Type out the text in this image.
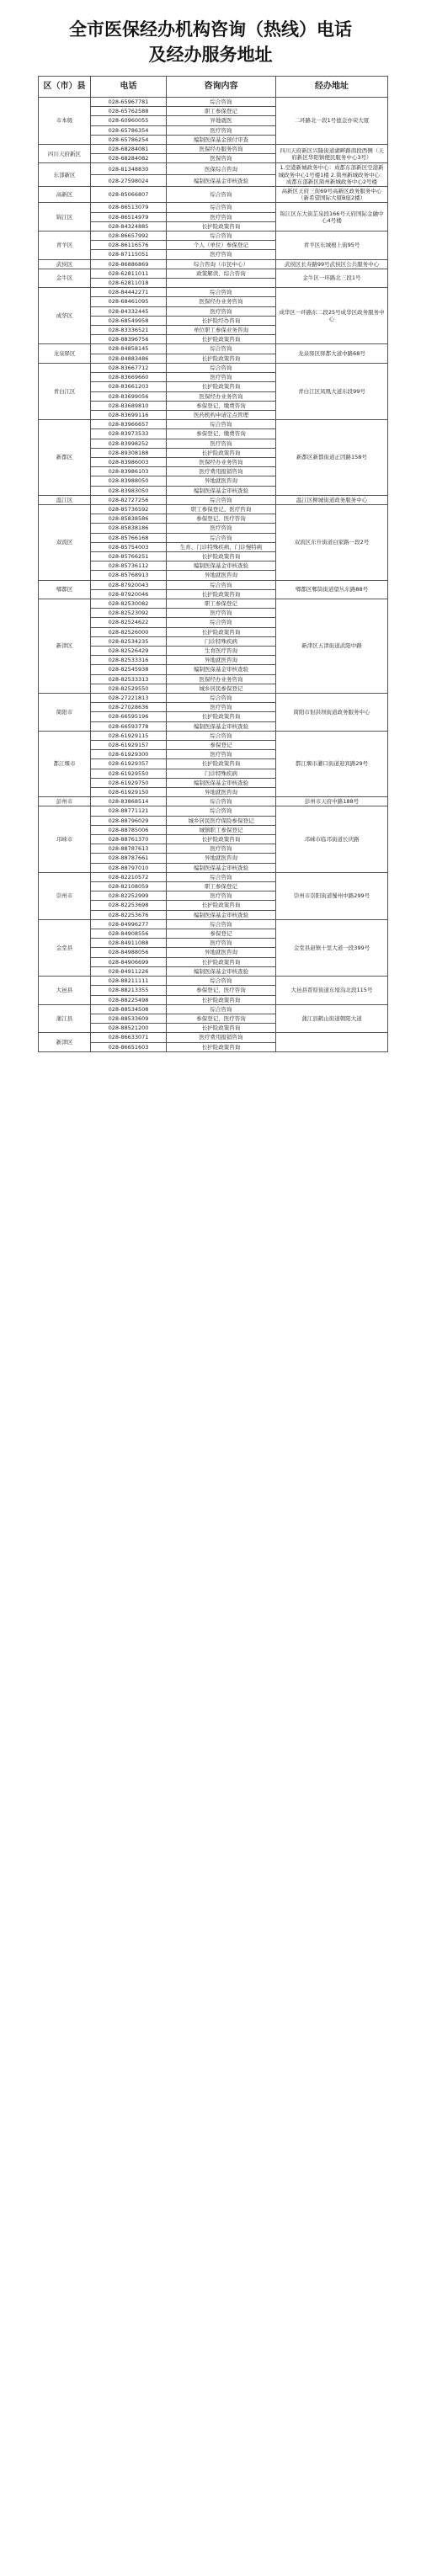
全市医保经办机构咨询（热线）电话
及经办服务地址
区（市）县	电话	咨询内容	经办地址
市本级	028-65967781	综合咨询	二环路北一段1号德金亦荣大厦
	028-65762588	职工参保登记	
	028-60960055	异地就医	
	028-65786354	医疗咨询	
	028-65786254	编制医保基金预付审查	
四川天府新区	028-68284081	医保经办服务咨询	四川天府新区兴隆街道湖畔路南段西侧（天府新区华阳镇便民服务中心3号）
	028-68284082	医保咨询	
东部新区	028-81348830	医保综合咨询	1.空港新城政务中心：成都东部新区空港新城政务中心1号楼1楼 2.简州新城政务中心：成都东部新区简州新城政务中心2号楼
	028-27598024	编制医保基金审核查验	
高新区	028-85066807	综合咨询	高新区天府三街69号高新区政务服务中心（新希望国际大厦B座2楼）
锦江区	028-86513079	综合咨询	锦江区东大街芷泉段166号天府国际金融中心4号楼
	028-86514979	医疗咨询	
	028-84324885	长护险政策咨询	
青羊区	028-86657992	综合咨询	青羊区东城根上街95号
	028-86116576	个人（单位）参保登记	
	028-87115051	医疗咨询	
武侯区	028-86886869	综合咨询（市民中心）	武侯区长寿路99号武侯区公共服务中心
金牛区	028-62811011	政策解读、综合咨询	金牛区一环路北三段1号
	028-62811018		
成华区	028-84442271	综合咨询	成华区一环路东二段25号成华区政务服务中心
	028-68461095	医保经办业务咨询	
	028-84332445	医疗咨询	
	028-68549958	长护险经办咨询	
	028-83336521	单位职工参保业务咨询	
	028-88396756	长护险政策咨询	
龙泉驿区	028-84858145	综合咨询	龙泉驿区驿都大道中路68号
	028-84883486	长护险政策咨询	
青白江区	028-83667712	综合咨询	青白江区凤凰大道东段99号
	028-83669660	医疗咨询	
	028-83661203	长护险政策咨询	
	028-83699056	医保经办业务咨询	
	028-83689810	参保登记、缴费咨询	
	028-83699116	医药机构申请定点管理	
新都区	028-83966657	综合咨询	新都区新都街道正因路158号
	028-83973533	参保登记、缴费咨询	
	028-83998252	医疗咨询	
	028-89308188	长护险政策咨询	
	028-83986003	医保经办业务咨询	
	028-83986103	医疗费用报销咨询	
	028-83988050	异地就医咨询	
	028-83983050	编制医保基金审核查验	
温江区	028-82727256	综合咨询	温江区柳城街道政务服务中心
双流区	028-85736592	职工参保登记、医疗咨询	双流区东升街道白家路一段2号
	028-85838586	参保登记、医疗咨询	
	028-85838186	医疗咨询	
	028-85766168	综合咨询	
	028-85754003	生育、门诊特殊疾病、门诊慢特病	
	028-85766251	长护险政策咨询	
	028-85736112	编制医保基金审核查验	
	028-85768913	异地就医咨询	
郫都区	028-87920043	综合咨询	郫都区郫筒街道望丛东路88号
	028-87920046	长护险政策咨询	
新津区	028-82530082	职工参保登记	新津区五津街道武阳中路
	028-82523092	医疗咨询	
	028-82524622	综合咨询	
	028-82526000	长护险政策咨询	
	028-82534235	门诊特殊疾病	
	028-82526429	生育医疗咨询	
	028-82533316	异地就医咨询	
	028-82545938	编制医保基金审核查验	
	028-82533313	医保经办业务咨询	
	028-82529550	城乡居民参保登记	
简阳市	028-27221813	综合咨询	简阳市射洪坝街道政务服务中心
	028-27028636	医疗咨询	
	028-66595196	长护险政策咨询	
	028-66593778	编制医保基金审核查验	
都江堰市	028-61929115	综合咨询	都江堰市灌口街道迎宾路29号
	028-61929157	参保登记	
	028-61929300	医疗咨询	
	028-61929357	长护险政策咨询	
	028-61929550	门诊特殊疾病	
	028-61929750	编制医保基金审核查验	
	028-61929150	异地就医咨询	
彭州市	028-83868514	综合咨询	彭州市天府中路188号
邛崃市	028-88771121	综合咨询	邛崃市临邛街道长庆路
	028-88796029	城乡居民医疗保险参保登记	
	028-88785006	城镇职工参保登记	
	028-88761370	长护险政策咨询	
	028-88787613	医疗咨询	
	028-88787661	异地就医咨询	
	028-88797010	编制医保基金审核查验	
崇州市	028-82210572	综合咨询	崇州市崇阳街道蜀州中路299号
	028-82108059	职工参保登记	
	028-82252999	医疗咨询	
	028-82253698	长护险政策咨询	
	028-82253676	编制医保基金审核查验	
金堂县	028-84996277	综合咨询	金堂县赵镇十里大道一段399号
	028-84908556	参保登记	
	028-84911088	医疗咨询	
	028-84988056	异地就医咨询	
	028-84906699	长护险政策咨询	
	028-84911226	编制医保基金审核查验	
大邑县	028-88211111	综合咨询	大邑县晋原街道东壕沟北段115号
	028-88213355	参保登记、医疗咨询	
	028-88225498	长护险政策咨询	
蒲江县	028-88534508	综合咨询	蒲江县鹤山街道朝阳大道
	028-88533609	参保登记、医疗咨询	
	028-88521200	长护险政策咨询	
新津区	028-86633071	医疗费用报销咨询	
	028-86651603	长护险政策咨询	
